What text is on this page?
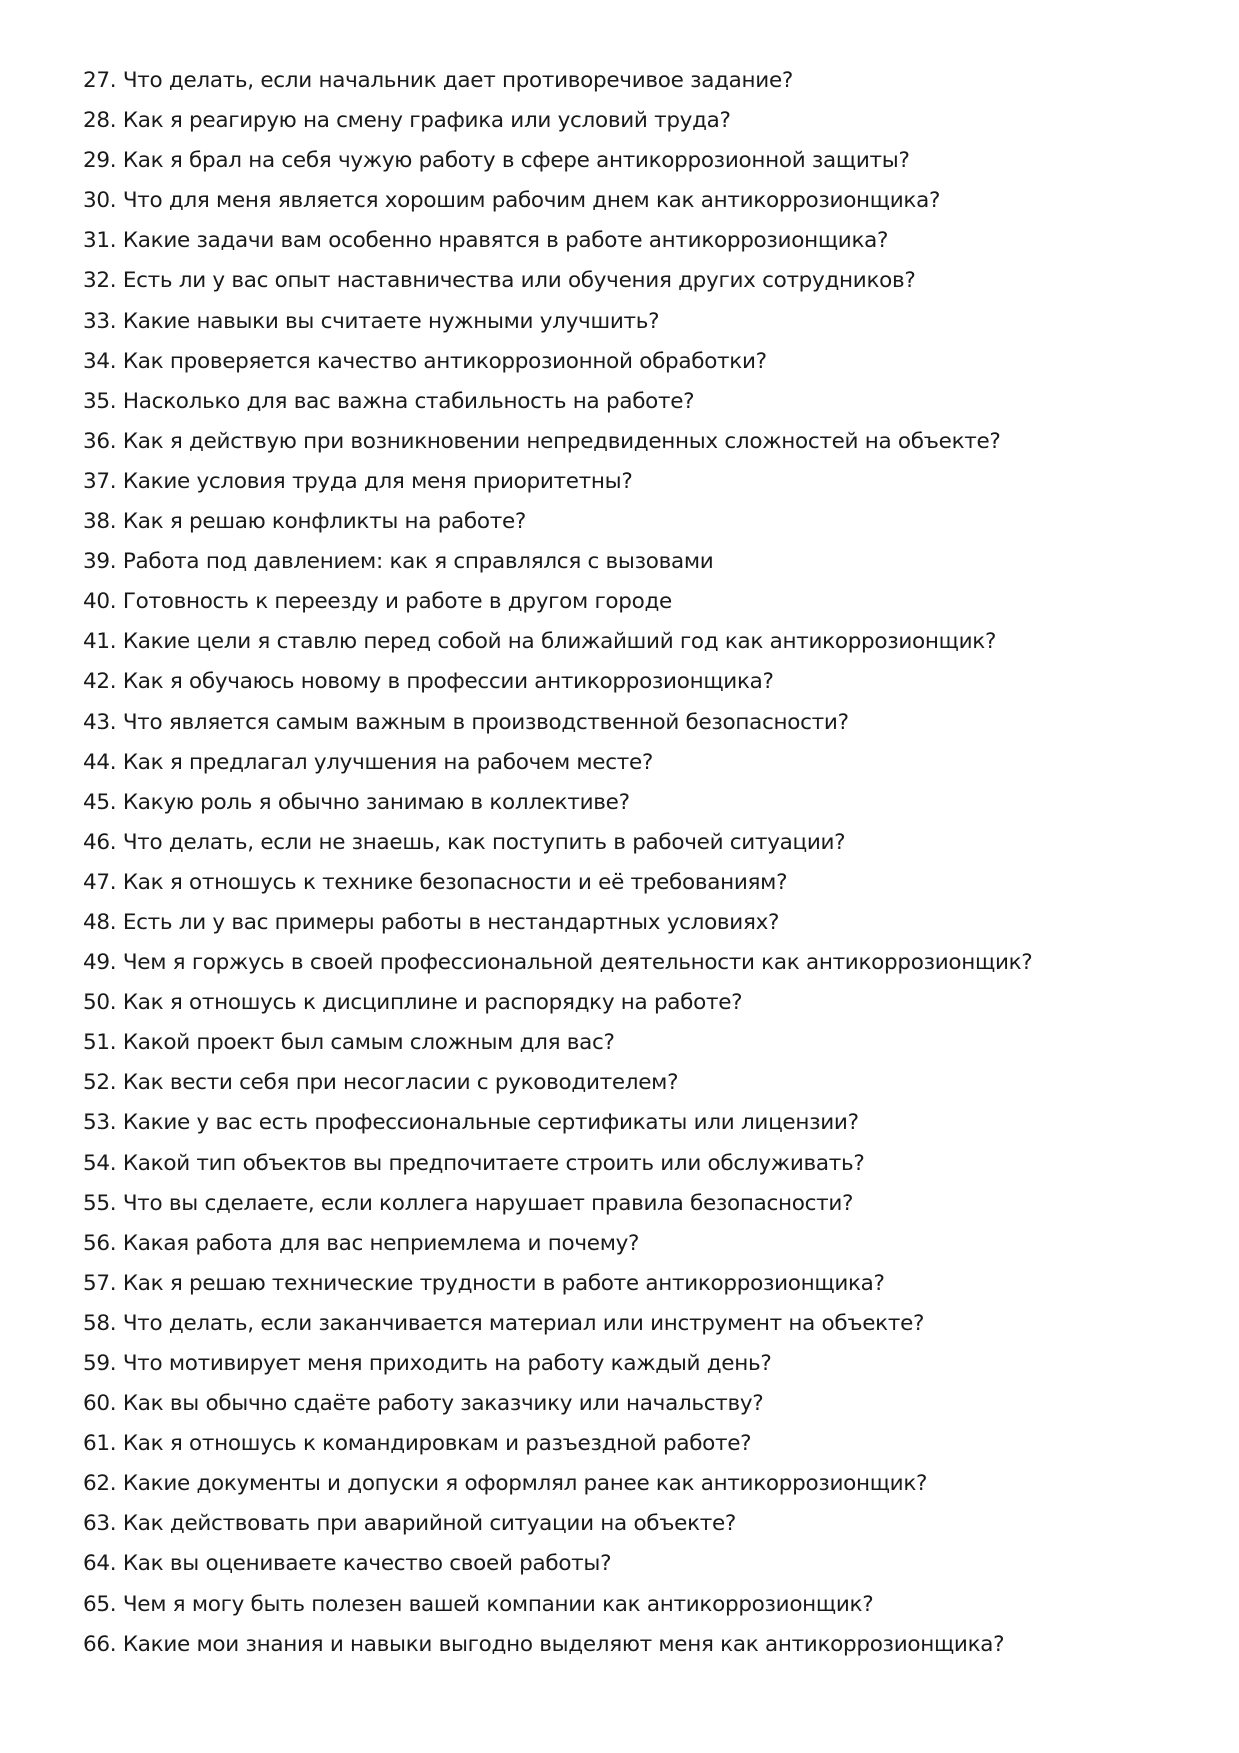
27. Что делать, если начальник дает противоречивое задание?
28. Как я реагирую на смену графика или условий труда?
29. Как я брал на себя чужую работу в сфере антикоррозионной защиты?
30. Что для меня является хорошим рабочим днем как антикоррозионщика?
31. Какие задачи вам особенно нравятся в работе антикоррозионщика?
32. Есть ли у вас опыт наставничества или обучения других сотрудников?
33. Какие навыки вы считаете нужными улучшить?
34. Как проверяется качество антикоррозионной обработки?
35. Насколько для вас важна стабильность на работе?
36. Как я действую при возникновении непредвиденных сложностей на объекте?
37. Какие условия труда для меня приоритетны?
38. Как я решаю конфликты на работе?
39. Работа под давлением: как я справлялся с вызовами
40. Готовность к переезду и работе в другом городе
41. Какие цели я ставлю перед собой на ближайший год как антикоррозионщик?
42. Как я обучаюсь новому в профессии антикоррозионщика?
43. Что является самым важным в производственной безопасности?
44. Как я предлагал улучшения на рабочем месте?
45. Какую роль я обычно занимаю в коллективе?
46. Что делать, если не знаешь, как поступить в рабочей ситуации?
47. Как я отношусь к технике безопасности и её требованиям?
48. Есть ли у вас примеры работы в нестандартных условиях?
49. Чем я горжусь в своей профессиональной деятельности как антикоррозионщик?
50. Как я отношусь к дисциплине и распорядку на работе?
51. Какой проект был самым сложным для вас?
52. Как вести себя при несогласии с руководителем?
53. Какие у вас есть профессиональные сертификаты или лицензии?
54. Какой тип объектов вы предпочитаете строить или обслуживать?
55. Что вы сделаете, если коллега нарушает правила безопасности?
56. Какая работа для вас неприемлема и почему?
57. Как я решаю технические трудности в работе антикоррозионщика?
58. Что делать, если заканчивается материал или инструмент на объекте?
59. Что мотивирует меня приходить на работу каждый день?
60. Как вы обычно сдаёте работу заказчику или начальству?
61. Как я отношусь к командировкам и разъездной работе?
62. Какие документы и допуски я оформлял ранее как антикоррозионщик?
63. Как действовать при аварийной ситуации на объекте?
64. Как вы оцениваете качество своей работы?
65. Чем я могу быть полезен вашей компании как антикоррозионщик?
66. Какие мои знания и навыки выгодно выделяют меня как антикоррозионщика?
